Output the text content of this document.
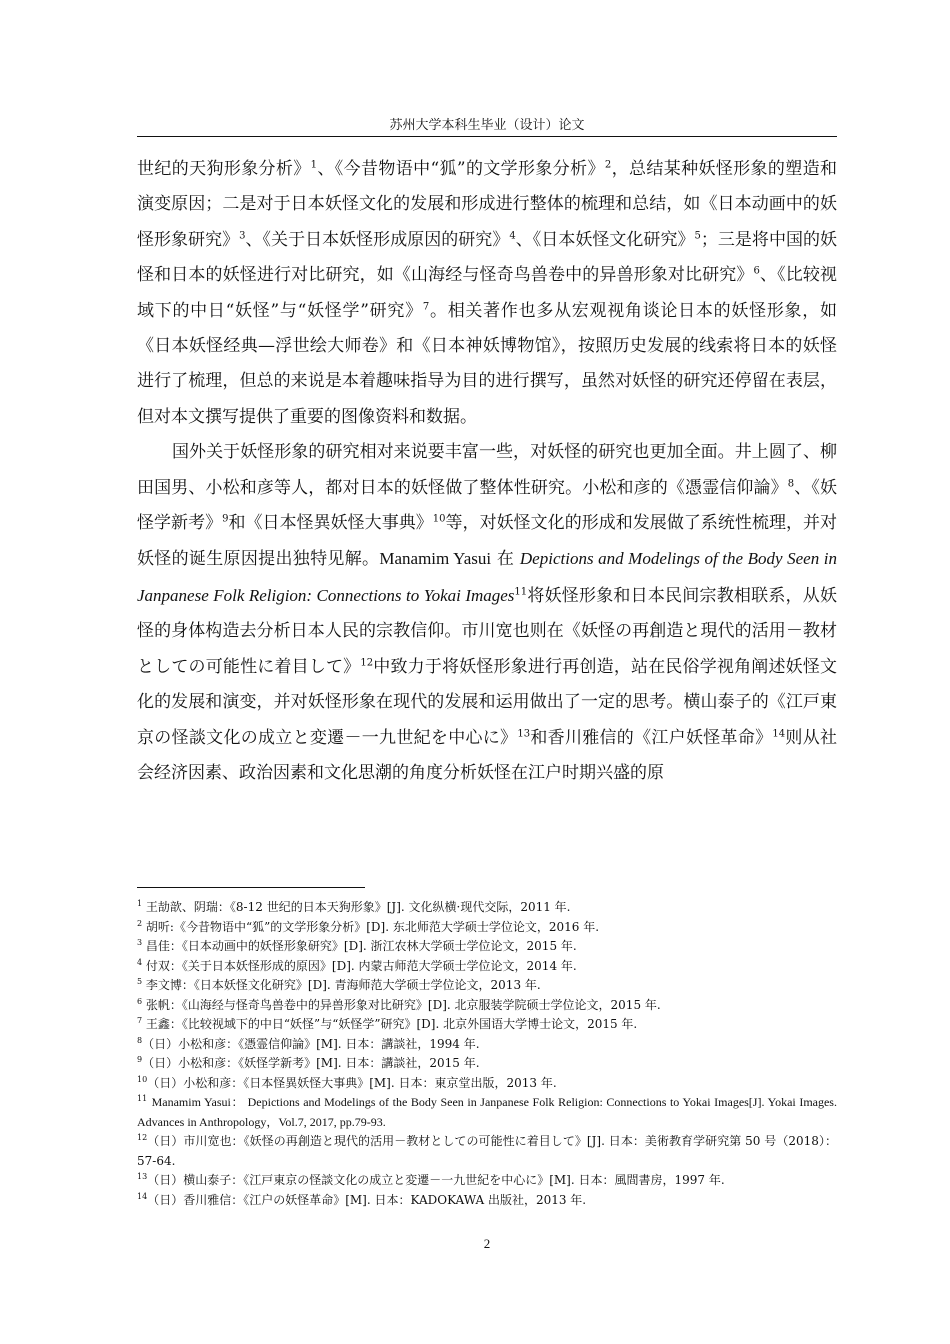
苏州大学本科生毕业（设计）论文

世纪的天狗形象分析》$^1$、《今昔物语中“狐”的文学形象分析》$^2$，总结某种妖怪形象的塑造和演变原因；二是对于日本妖怪文化的发展和形成进行整体的梳理和总结，如《日本动画中的妖怪形象研究》$^3$、《关于日本妖怪形成原因的研究》$^4$、《日本妖怪文化研究》$^5$；三是将中国的妖怪和日本的妖怪进行对比研究，如《山海经与怪奇鸟兽卷中的异兽形象对比研究》$^6$、《比较视域下的中日“妖怪”与“妖怪学”研究》$^7$。相关著作也多从宏观视角谈论日本的妖怪形象，如《日本妖怪经典—浮世绘大师卷》和《日本神妖博物馆》，按照历史发展的线索将日本的妖怪进行了梳理，但总的来说是本着趣味指导为目的进行撰写，虽然对妖怪的研究还停留在表层，但对本文撰写提供了重要的图像资料和数据。

国外关于妖怪形象的研究相对来说要丰富一些，对妖怪的研究也更加全面。井上圆了、柳田国男、小松和彦等人，都对日本的妖怪做了整体性研究。小松和彦的《憑霊信仰論》$^8$、《妖怪学新考》$^9$和《日本怪異妖怪大事典》$^{10}$等，对妖怪文化的形成和发展做了系统性梳理，并对妖怪的诞生原因提出独特见解。Manamim Yasui 在 Depictions and Modelings of the Body Seen in Janpanese Folk Religion: Connections to Yokai Images$^{11}$将妖怪形象和日本民间宗教相联系，从妖怪的身体构造去分析日本人民的宗教信仰。市川宽也则在《妖怪の再創造と現代的活用－教材としての可能性に着目して》$^{12}$中致力于将妖怪形象进行再创造，站在民俗学视角阐述妖怪文化的发展和演变，并对妖怪形象在现代的发展和运用做出了一定的思考。横山泰子的《江戸東京の怪談文化の成立と変遷－一九世紀を中心に》$^{13}$和香川雅信的《江户妖怪革命》$^{14}$则从社会经济因素、政治因素和文化思潮的角度分析妖怪在江户时期兴盛的原

$^1$ 王劼歆、阴瑞：《8-12 世纪的日本天狗形象》[J]. 文化纵横·现代交际，2011 年.

$^2$ 胡听:《今昔物语中“狐”的文学形象分析》[D]. 东北师范大学硕士学位论文，2016 年.

$^3$ 昌佳：《日本动画中的妖怪形象研究》[D]. 浙江农林大学硕士学位论文，2015 年.

$^4$ 付双：《关于日本妖怪形成的原因》[D]. 内蒙古师范大学硕士学位论文，2014 年.

$^5$ 李文博：《日本妖怪文化研究》[D]. 青海师范大学硕士学位论文，2013 年.

$^6$ 张帆：《山海经与怪奇鸟兽卷中的异兽形象对比研究》[D]. 北京服装学院硕士学位论文，2015 年.

$^7$ 王鑫：《比较视域下的中日“妖怪”与“妖怪学”研究》[D]. 北京外国语大学博士论文，2015 年.

$^8$（日）小松和彦：《憑霊信仰論》[M]. 日本：講談社，1994 年.

$^9$（日）小松和彦：《妖怪学新考》[M]. 日本：講談社，2015 年.

$^{10}$（日）小松和彦：《日本怪異妖怪大事典》[M]. 日本：東京堂出版，2013 年.

$^{11}$ Manamim Yasui： Depictions and Modelings of the Body Seen in Janpanese Folk Religion: Connections to Yokai Images[J]. Yokai Images. Advances in Anthropology，Vol.7, 2017, pp.79-93.

$^{12}$（日）市川宽也：《妖怪の再創造と現代的活用－教材としての可能性に着目して》[J]. 日本：美術教育学研究第 50 号（2018）：57-64.

$^{13}$（日）横山泰子：《江戸東京の怪談文化の成立と変遷－一九世紀を中心に》[M]. 日本：風間書房，1997 年.

$^{14}$（日）香川雅信：《江户の妖怪革命》[M]. 日本：KADOKAWA 出版社，2013 年.

2
